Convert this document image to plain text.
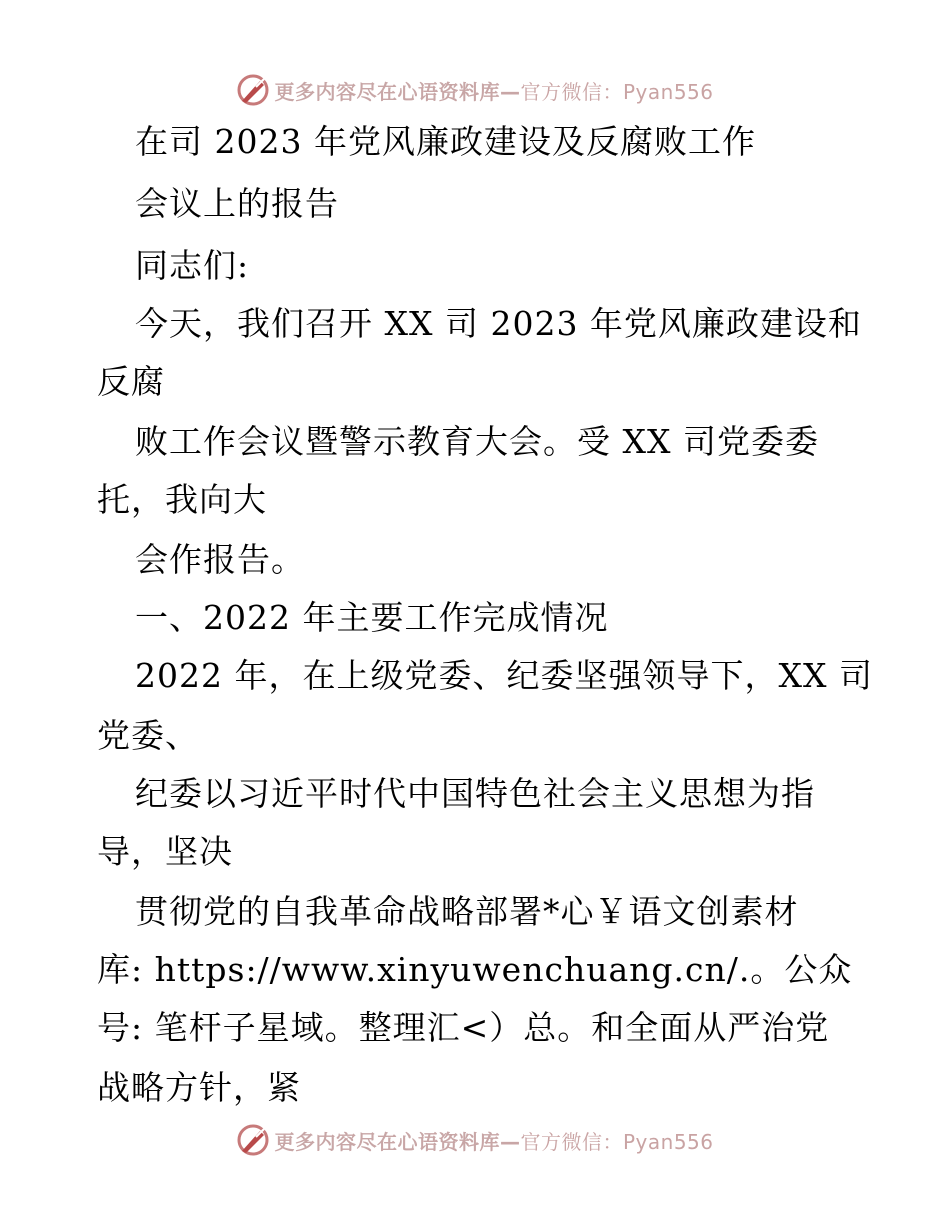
更多内容尽在心语资料库—官方微信：Pyan556
在司 2023 年党风廉政建设及反腐败工作
会议上的报告
同志们:
今天，我们召开 XX 司 2023 年党风廉政建设和
反腐
败工作会议暨警示教育大会。受 XX 司党委委
托，我向大
会作报告。
一、2022 年主要工作完成情况
2022 年，在上级党委、纪委坚强领导下，XX 司
党委、
纪委以习近平时代中国特色社会主义思想为指
导，坚决
贯彻党的自我革命战略部署*心￥语文创素材
库: https://www.xinyuwenchuang.cn/.。公众
号: 笔杆子星域。整理汇<）总。和全面从严治党
战略方针，紧
更多内容尽在心语资料库—官方微信：Pyan556
